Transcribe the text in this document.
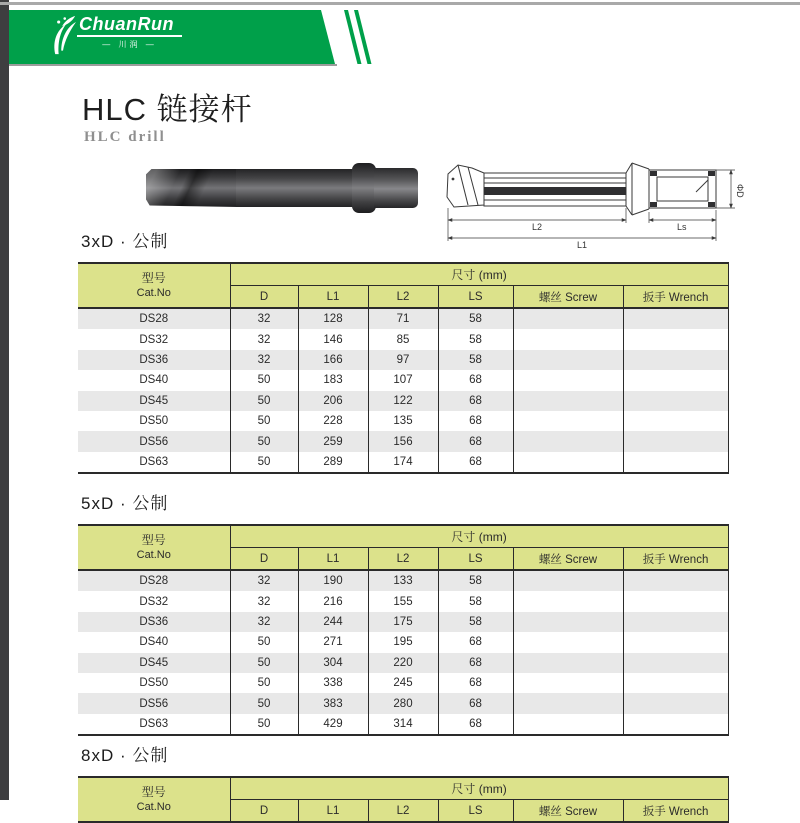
ChuanRun
— 川润 —
HLC 链接杆
HLC drill
L2	Ls
L1
ΦD
3xD · 公制
型号
Cat.No	尺寸 (mm)					
	D	L1	L2	LS	螺丝 Screw	扳手 Wrench
DS28	32	128	71	58		
DS32	32	146	85	58		
DS36	32	166	97	58		
DS40	50	183	107	68		
DS45	50	206	122	68		
DS50	50	228	135	68		
DS56	50	259	156	68		
DS63	50	289	174	68		
5xD · 公制
型号
Cat.No	尺寸 (mm)					
	D	L1	L2	LS	螺丝 Screw	扳手 Wrench
DS28	32	190	133	58		
DS32	32	216	155	58		
DS36	32	244	175	58		
DS40	50	271	195	68		
DS45	50	304	220	68		
DS50	50	338	245	68		
DS56	50	383	280	68		
DS63	50	429	314	68		
8xD · 公制
型号
Cat.No	尺寸 (mm)					
	D	L1	L2	LS	螺丝 Screw	扳手 Wrench
